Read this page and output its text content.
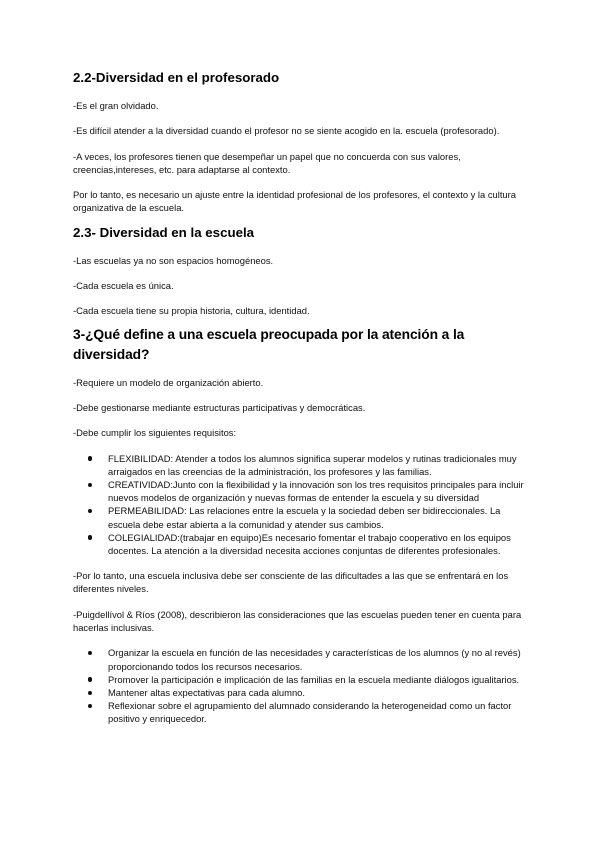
2.2-Diversidad en el profesorado

-Es el gran olvidado.

-Es difícil atender a la diversidad cuando el profesor no se siente acogido en la. escuela (profesorado).

-A veces, los profesores tienen que desempeñar un papel que no concuerda con sus valores, creencias,intereses, etc. para adaptarse al contexto.

Por lo tanto, es necesario un ajuste entre la identidad profesional de los profesores, el contexto y la cultura organizativa de la escuela.

2.3- Diversidad en la escuela

-Las escuelas ya no son espacios homogéneos.

-Cada escuela es única.

-Cada escuela tiene su propia historia, cultura, identidad.

3-¿Qué define a una escuela preocupada por la atención a la diversidad?

-Requiere un modelo de organización abierto.

-Debe gestionarse mediante estructuras participativas y democráticas.

-Debe cumplir los siguientes requisitos:

FLEXIBILIDAD: Atender a todos los alumnos significa superar modelos y rutinas tradicionales muy arraigados en las creencias de la administración, los profesores y las familias.
CREATIVIDAD:Junto con la flexibilidad y la innovación son los tres requisitos principales para incluir nuevos modelos de organización y nuevas formas de entender la escuela y su diversidad
PERMEABILIDAD: Las relaciones entre la escuela y la sociedad deben ser bidireccionales. La escuela debe estar abierta a la comunidad y atender sus cambios.
COLEGIALIDAD:(trabajar en equipo)Es necesario fomentar el trabajo cooperativo en los equipos docentes. La atención a la diversidad necesita acciones conjuntas de diferentes profesionales.

-Por lo tanto, una escuela inclusiva debe ser consciente de las dificultades a las que se enfrentará en los diferentes niveles.

-Puigdellívol & Ríos (2008), describieron las consideraciones que las escuelas pueden tener en cuenta para hacerlas inclusivas.

Organizar la escuela en función de las necesidades y características de los alumnos (y no al revés) proporcionando todos los recursos necesarios.
Promover la participación e implicación de las familias en la escuela mediante diálogos igualitarios.
Mantener altas expectativas para cada alumno.
Reflexionar sobre el agrupamiento del alumnado considerando la heterogeneidad como un factor positivo y enriquecedor.
